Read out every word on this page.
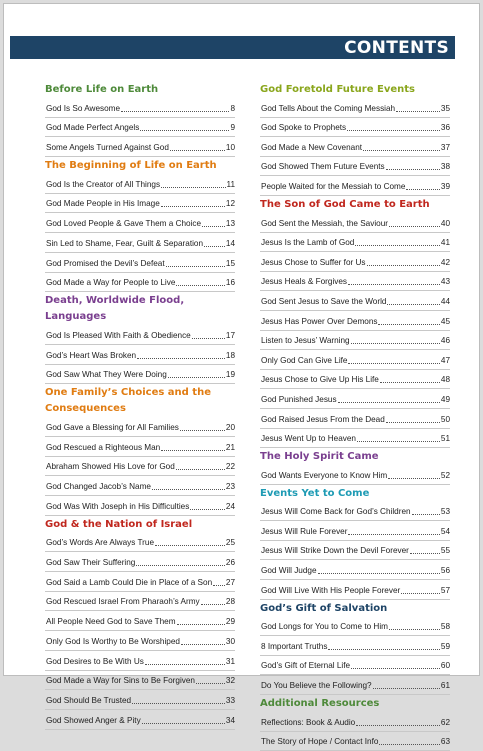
CONTENTS
Before Life on Earth
God Is So Awesome	8
God Made Perfect Angels	9
Some Angels Turned Against God	10
The Beginning of Life on Earth
God Is the Creator of All Things	11
God Made People in His Image	12
God Loved People & Gave Them a Choice	13
Sin Led to Shame, Fear, Guilt & Separation	14
God Promised the Devil’s Defeat	15
God Made a Way for People to Live	16
Death, Worldwide Flood, Languages
God Is Pleased With Faith & Obedience	17
God’s Heart Was Broken	18
God Saw What They Were Doing	19
One Family’s Choices and the Consequences
God Gave a Blessing for All Families	20
God Rescued a Righteous Man	21
Abraham Showed His Love for God	22
God Changed Jacob’s Name	23
God Was With Joseph in His Difficulties	24
God & the Nation of Israel
God’s Words Are Always True	25
God Saw Their Suffering	26
God Said a Lamb Could Die in Place of a Son 27
God Rescued Israel From Pharaoh’s Army	28
All People Need God to Save Them	29
Only God Is Worthy to Be Worshiped	30
God Desires to Be With Us	31
God Made a Way for Sins to Be Forgiven	32
God Should Be Trusted	33
God Showed Anger & Pity	34
God Foretold Future Events
God Tells About the Coming Messiah	35
God Spoke to Prophets	36
God Made a New Covenant	37
God Showed Them Future Events	38
People Waited for the Messiah to Come	39
The Son of God Came to Earth
God Sent the Messiah, the Saviour	40
Jesus Is the Lamb of God	41
Jesus Chose to Suffer for Us	42
Jesus Heals & Forgives	43
God Sent Jesus to Save the World	44
Jesus Has Power Over Demons	45
Listen to Jesus’ Warning	46
Only God Can Give Life	47
Jesus Chose to Give Up His Life	48
God Punished Jesus	49
God Raised Jesus From the Dead	50
Jesus Went Up to Heaven	51
The Holy Spirit Came
God Wants Everyone to Know Him	52
Events Yet to Come
Jesus Will Come Back for God’s Children	53
Jesus Will Rule Forever	54
Jesus Will Strike Down the Devil Forever	55
God Will Judge	56
God Will Live With His People Forever	57
God’s Gift of Salvation
God Longs for You to Come to Him	58
8 Important Truths	59
God’s Gift of Eternal Life	60
Do You Believe the Following?	61
Additional Resources
Reflections: Book & Audio	62
The Story of Hope / Contact Info	63
